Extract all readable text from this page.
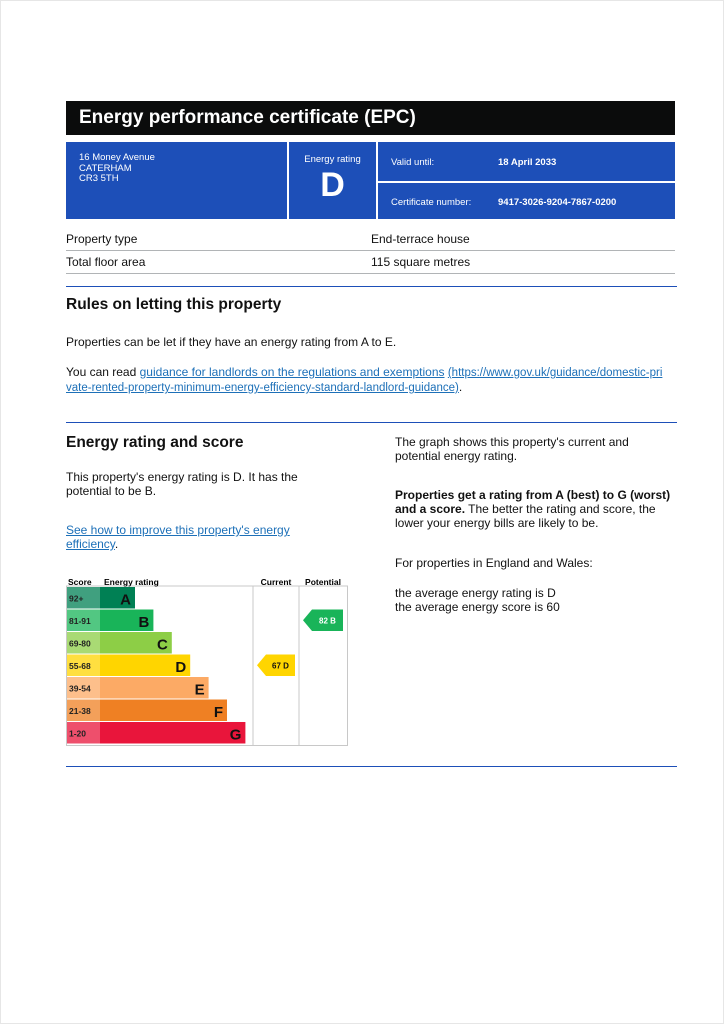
Energy performance certificate (EPC)
16 Money Avenue
CATERHAM
CR3 5TH
Energy rating
D
Valid until:	18 April 2033
Certificate number:	9417-3026-9204-7867-0200
Property type	End-terrace house
Total floor area	115 square metres
Rules on letting this property
Properties can be let if they have an energy rating from A to E.
You can read guidance for landlords on the regulations and exemptions (https://www.gov.uk/guidance/domestic-private-rented-property-minimum-energy-efficiency-standard-landlord-guidance).
Energy rating and score
This property's energy rating is D. It has the potential to be B.
See how to improve this property's energy efficiency.
The graph shows this property's current and potential energy rating.
Properties get a rating from A (best) to G (worst) and a score. The better the rating and score, the lower your energy bills are likely to be.
For properties in England and Wales:
the average energy rating is D
the average energy score is 60
Score Energy rating	Current Potential
92+ A
81-91	B
69-80	C
55-68	D
39-54	E
21-38	F
1-20	G
67 D
82 B
